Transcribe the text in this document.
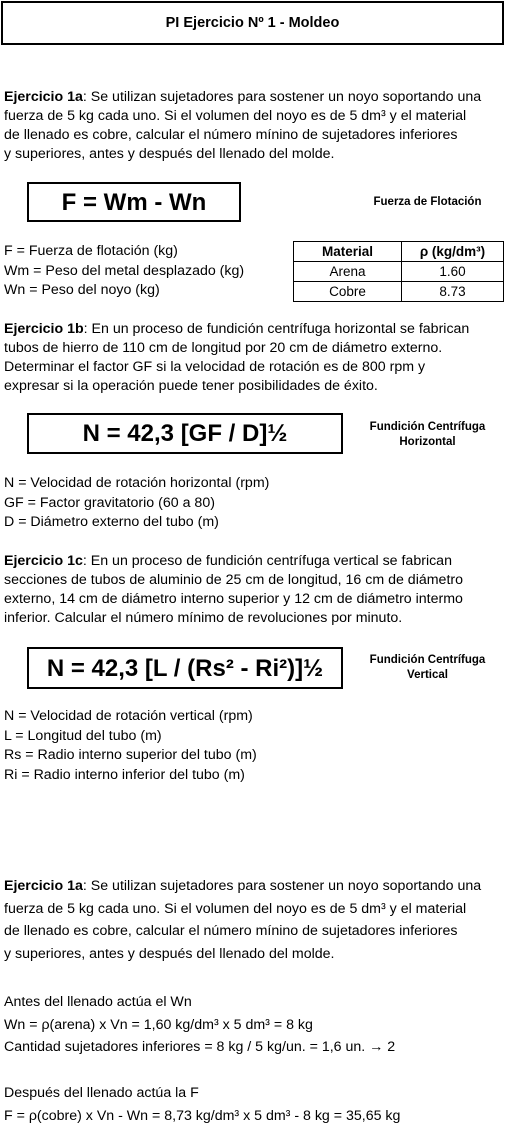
PI Ejercicio Nº 1 - Moldeo
Ejercicio 1a: Se utilizan sujetadores para sostener un noyo soportando una
fuerza de 5 kg cada uno. Si el volumen del noyo es de 5 dm³ y el material
de llenado es cobre, calcular el número mínino de sujetadores inferiores
y superiores, antes y después del llenado del molde.
F = Wm - Wn	Fuerza de Flotación
F = Fuerza de flotación (kg)
Wm = Peso del metal desplazado (kg)
Wn = Peso del noyo (kg)
Material	ρ (kg/dm³)
Arena	1.60
Cobre	8.73
Ejercicio 1b: En un proceso de fundición centrífuga horizontal se fabrican
tubos de hierro de 110 cm de longitud por 20 cm de diámetro externo.
Determinar el factor GF si la velocidad de rotación es de 800 rpm y
expresar si la operación puede tener posibilidades de éxito.
N = 42,3 [GF / D]½	Fundición Centrífuga
Horizontal
N = Velocidad de rotación horizontal (rpm)
GF = Factor gravitatorio (60 a 80)
D = Diámetro externo del tubo (m)
Ejercicio 1c: En un proceso de fundición centrífuga vertical se fabrican
secciones de tubos de aluminio de 25 cm de longitud, 16 cm de diámetro
externo, 14 cm de diámetro interno superior y 12 cm de diámetro intermo
inferior. Calcular el número mínimo de revoluciones por minuto.
N = 42,3 [L / (Rs² - Ri²)]½	Fundición Centrífuga
Vertical
N = Velocidad de rotación vertical (rpm)
L = Longitud del tubo (m)
Rs = Radio interno superior del tubo (m)
Ri = Radio interno inferior del tubo (m)
Ejercicio 1a: Se utilizan sujetadores para sostener un noyo soportando una
fuerza de 5 kg cada uno. Si el volumen del noyo es de 5 dm³ y el material
de llenado es cobre, calcular el número mínino de sujetadores inferiores
y superiores, antes y después del llenado del molde.
Antes del llenado actúa el Wn
Wn = ρ(arena) x Vn = 1,60 kg/dm³ x 5 dm³ = 8 kg
Cantidad sujetadores inferiores = 8 kg / 5 kg/un. = 1,6 un. → 2
Después del llenado actúa la F
F = ρ(cobre) x Vn - Wn = 8,73 kg/dm³ x 5 dm³ - 8 kg = 35,65 kg
